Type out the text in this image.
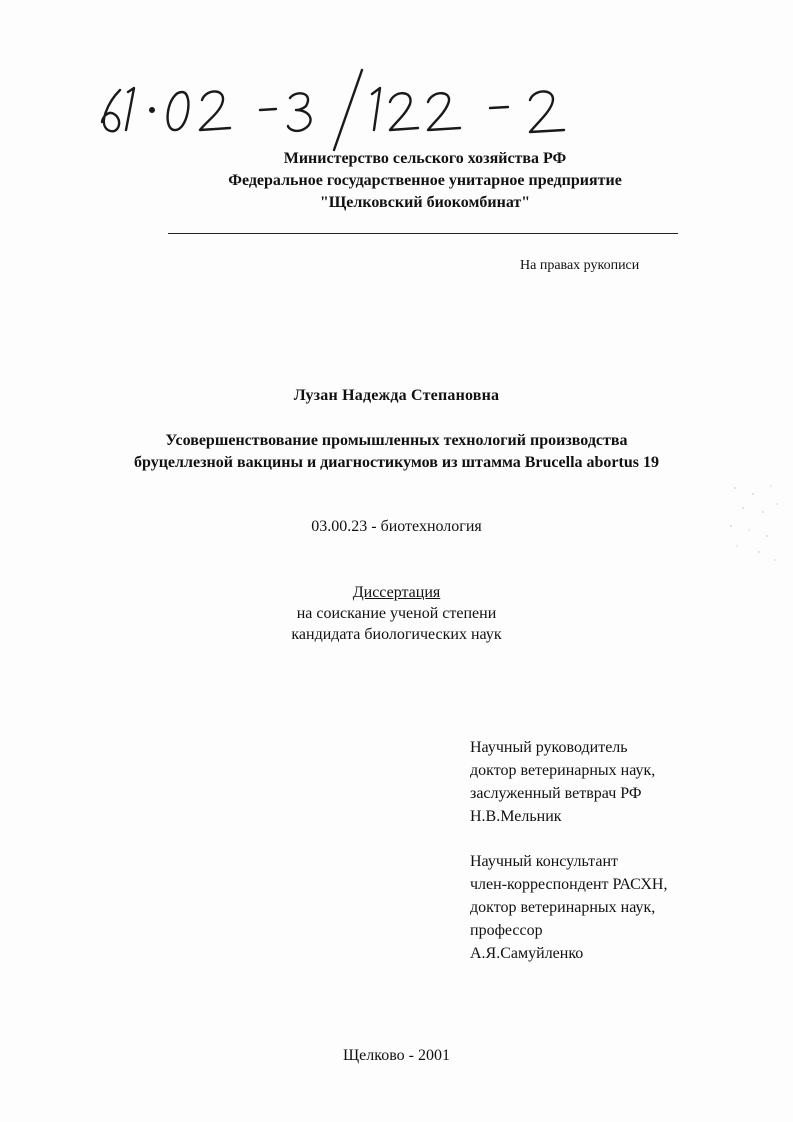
Министерство сельского хозяйства РФ
Федеральное государственное унитарное предприятие
"Щелковский биокомбинат"
На правах рукописи
Лузан Надежда Степановна
Усовершенствование промышленных технологий производства
бруцеллезной вакцины и диагностикумов из штамма Brucella abortus 19
03.00.23 - биотехнология
Диссертация
на соискание ученой степени
кандидата биологических наук
Научный руководитель
доктор ветеринарных наук,
заслуженный ветврач РФ
Н.В.Мельник
Научный консультант
член-корреспондент РАСХН,
доктор ветеринарных наук,
профессор
А.Я.Самуйленко
Щелково - 2001
